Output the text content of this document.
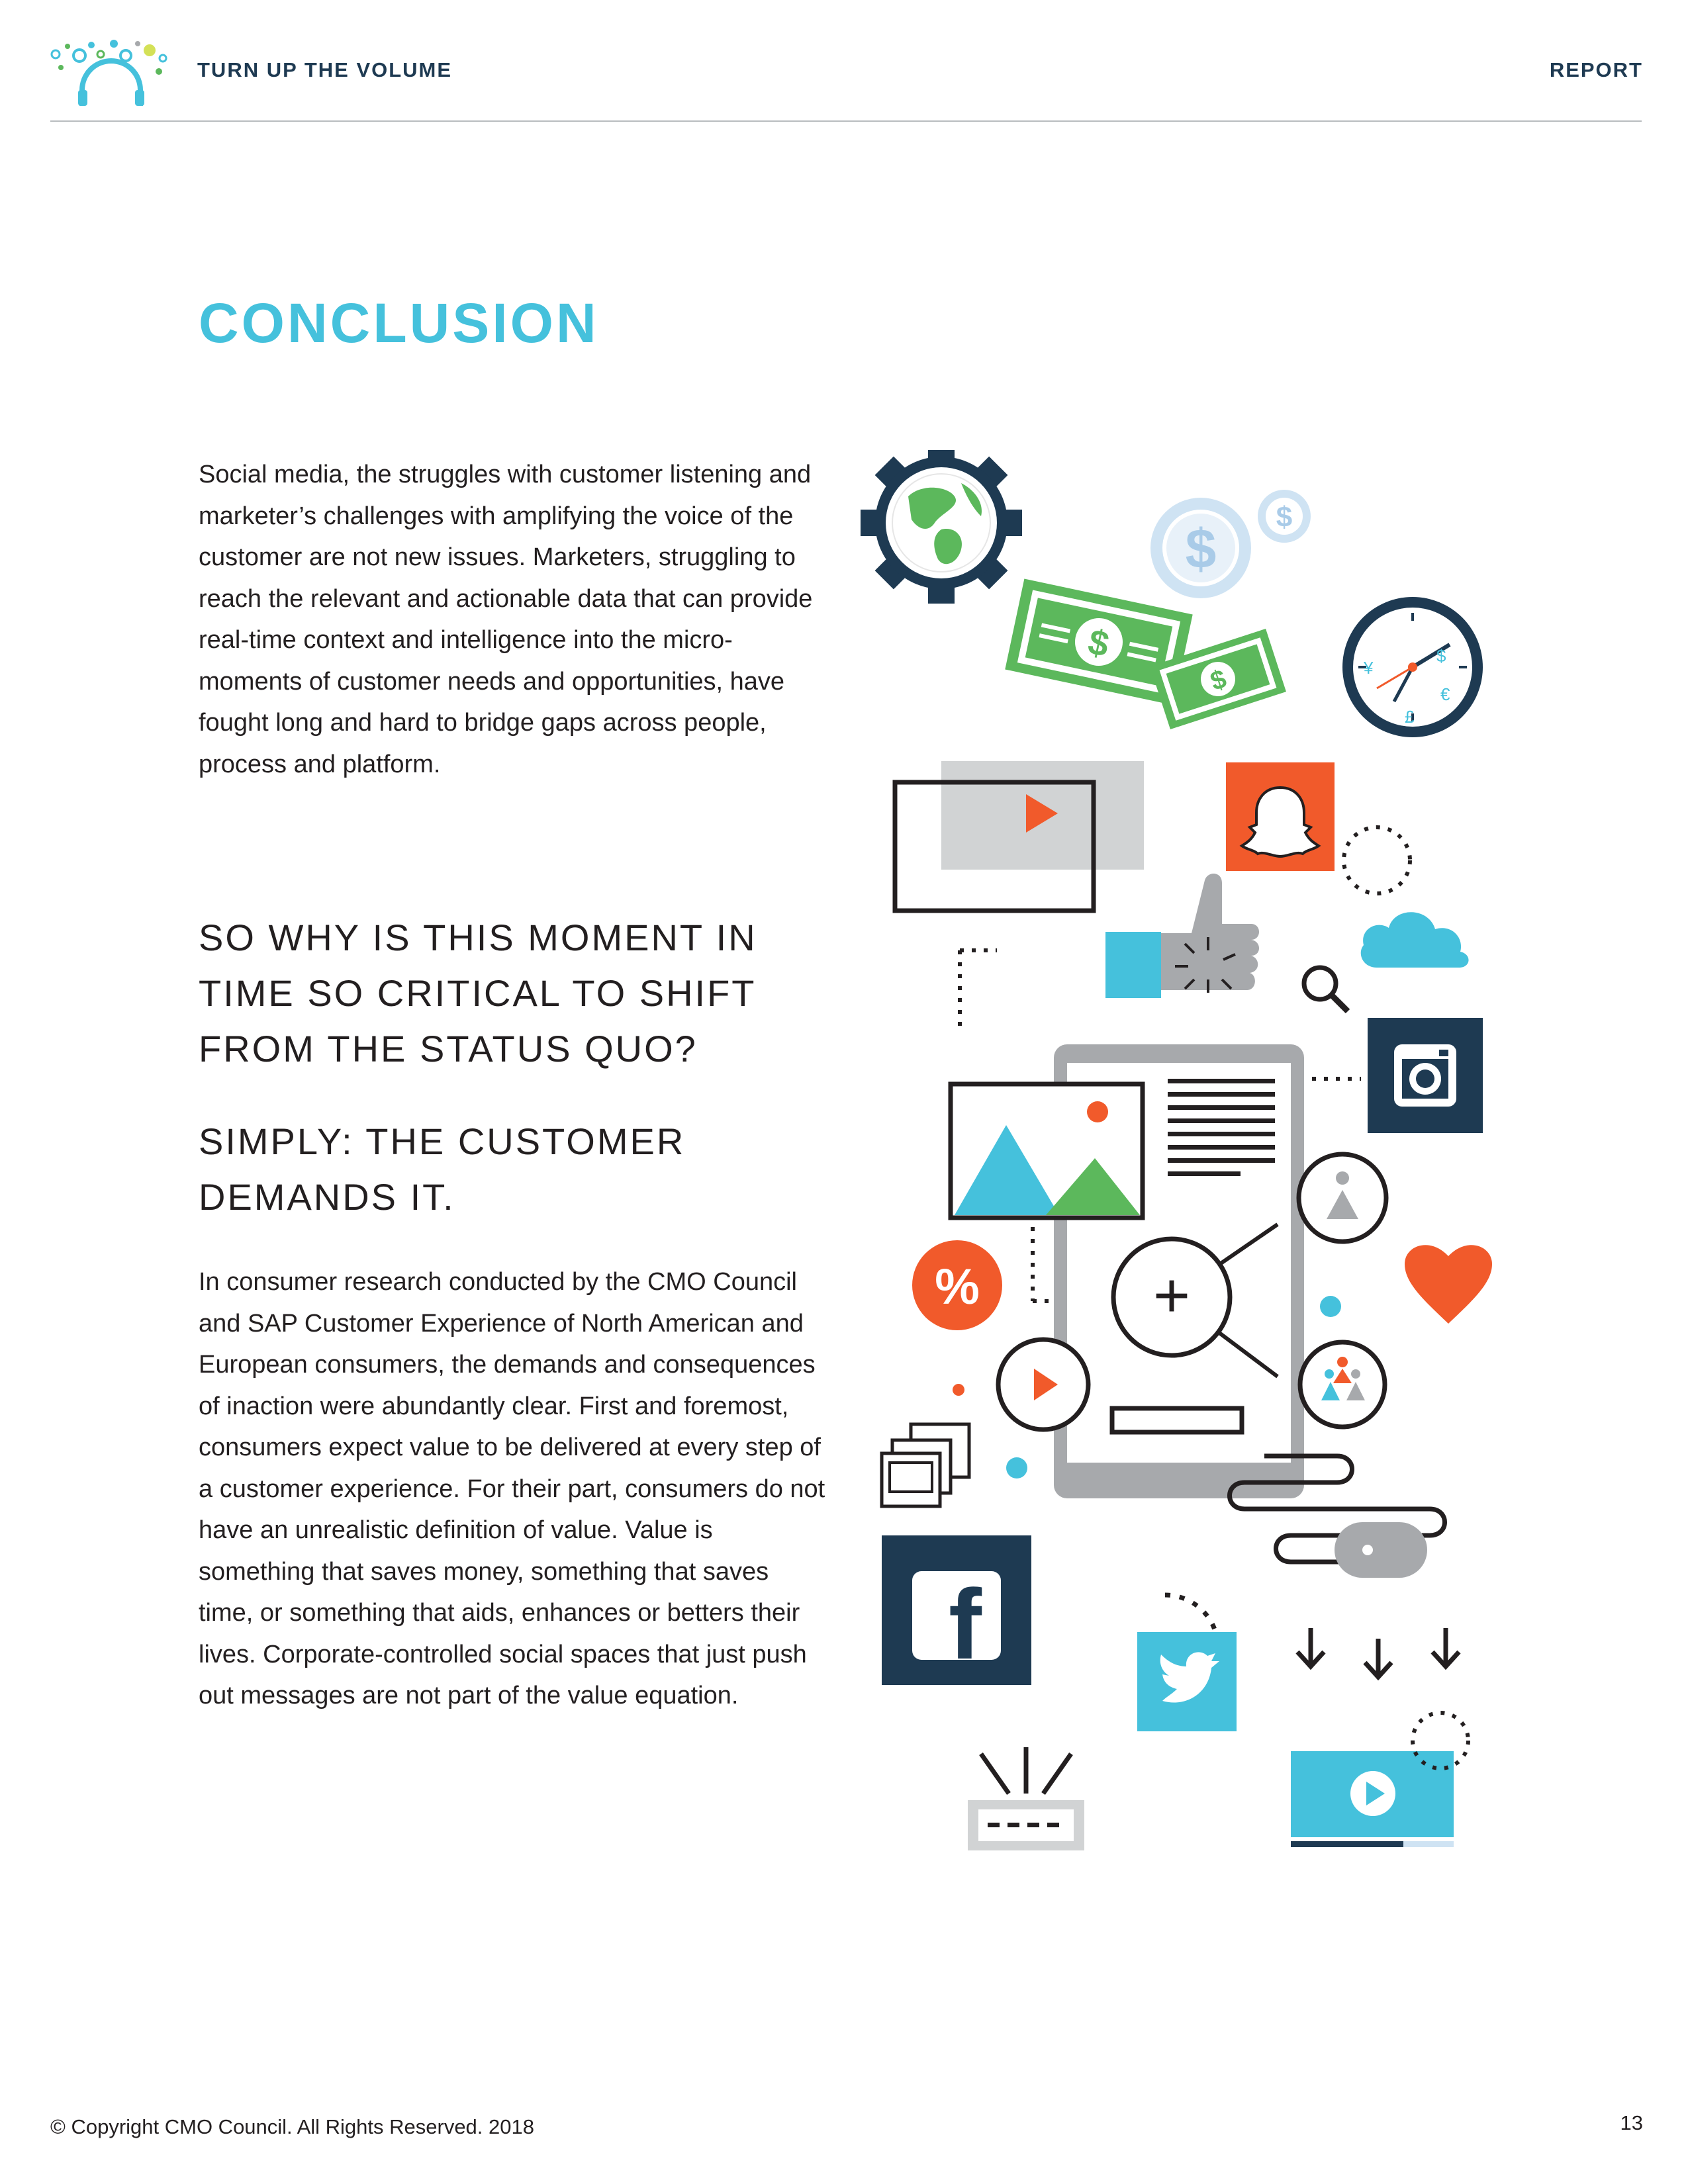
TURN UP THE VOLUME	REPORT
CONCLUSION

Social media, the struggles with customer listening and marketer’s challenges with amplifying the voice of the customer are not new issues. Marketers, struggling to reach the relevant and actionable data that can provide real-time context and intelligence into the micro-moments of customer needs and opportunities, have fought long and hard to bridge gaps across people, process and platform.

SO WHY IS THIS MOMENT IN TIME SO CRITICAL TO SHIFT FROM THE STATUS QUO?
SIMPLY: THE CUSTOMER DEMANDS IT.

In consumer research conducted by the CMO Council and SAP Customer Experience of North American and European consumers, the demands and consequences of inaction were abundantly clear. First and foremost, consumers expect value to be delivered at every step of a customer experience. For their part, consumers do not have an unrealistic definition of value. Value is something that saves money, something that saves time, or something that aids, enhances or betters their lives. Corporate-controlled social spaces that just push out messages are not part of the value equation.

$
$
$
$
$
€
¥
£
+
%
f
© Copyright CMO Council. All Rights Reserved. 2018	13
